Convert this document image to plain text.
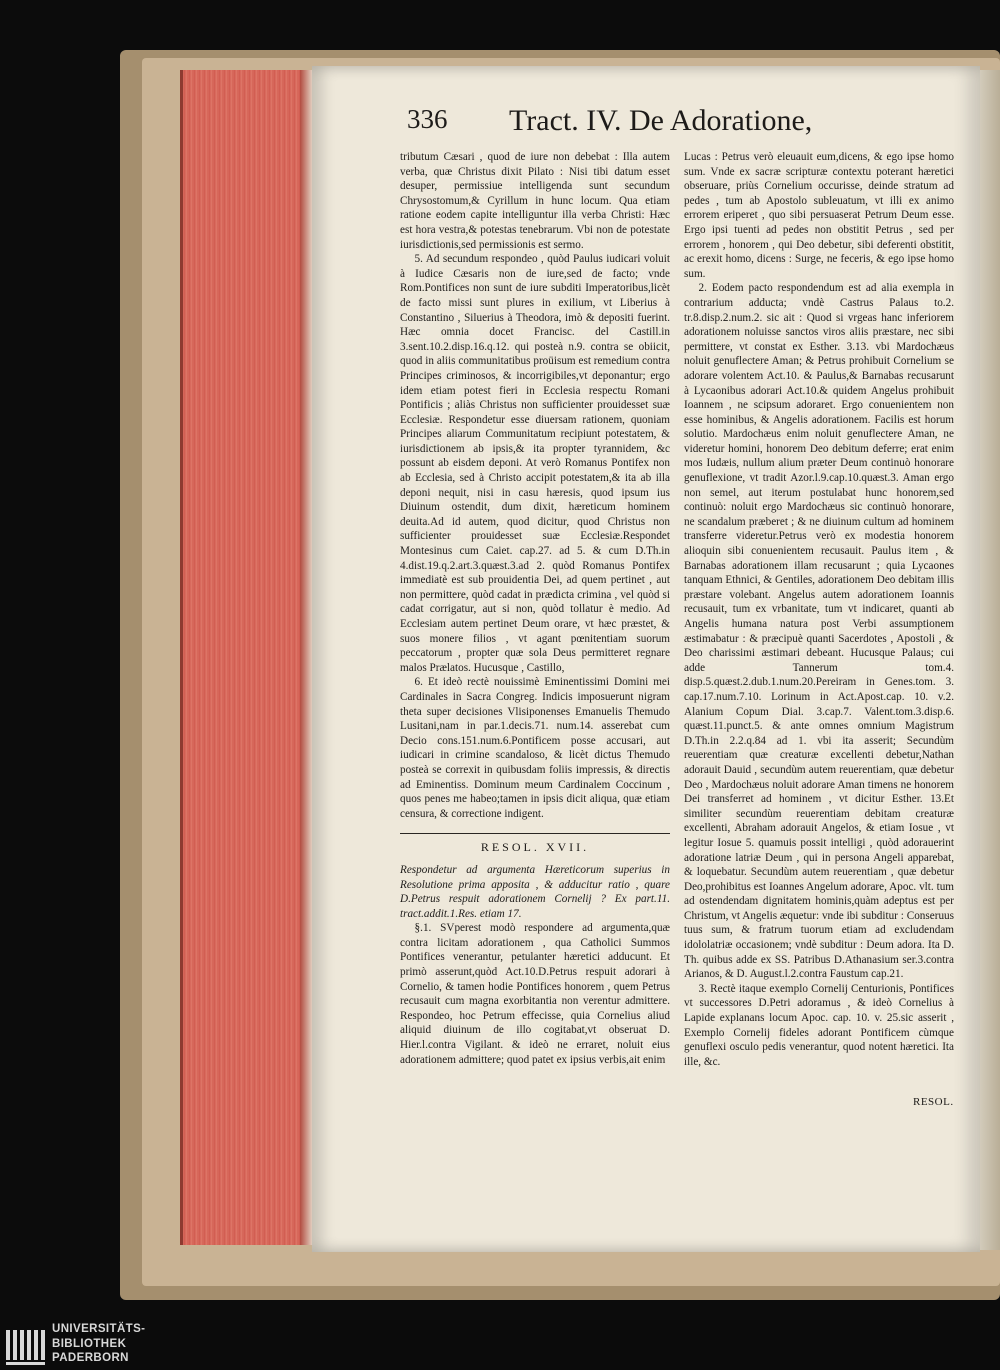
336 Tract. IV. De Adoratione,

tributum Cæsari , quod de iure non debebat : Illa autem verba, quæ Christus dixit Pilato : Nisi tibi datum esset desuper, permissiue intelligenda sunt secundum Chrysostomum,& Cyrillum in hunc locum. Qua etiam ratione eodem capite intelliguntur illa verba Christi: Hæc est hora vestra,& potestas tenebrarum. Vbi non de potestate iurisdictionis,sed permissionis est sermo.

5. Ad secundum respondeo , quòd Paulus iudicari voluit à Iudice Cæsaris non de iure,sed de facto; vnde Rom.Pontifices non sunt de iure subditi Imperatoribus,licèt de facto missi sunt plures in exilium, vt Liberius à Constantino , Siluerius à Theodora, imò & depositi fuerint. Hæc omnia docet Francisc. del Castill.in 3.sent.10.2.disp.16.q.12. qui posteà n.9. contra se obiicit, quod in aliis communitatibus proüisum est remedium contra Principes criminosos, & incorrigibiles,vt deponantur; ergo idem etiam potest fieri in Ecclesia respectu Romani Pontificis ; aliàs Christus non sufficienter prouidesset suæ Ecclesiæ. Respondetur esse diuersam rationem, quoniam Principes aliarum Communitatum recipiunt potestatem, & iurisdictionem ab ipsis,& ita propter tyrannidem, &c possunt ab eisdem deponi. At verò Romanus Pontifex non ab Ecclesia, sed à Christo accipit potestatem,& ita ab illa deponi nequit, nisi in casu hæresis, quod ipsum ius Diuinum ostendit, dum dixit, hæreticum hominem deuita.Ad id autem, quod dicitur, quod Christus non sufficienter prouidesset suæ Ecclesiæ.Respondet Montesinus cum Caiet. cap.27. ad 5. & cum D.Th.in 4.dist.19.q.2.art.3.quæst.3.ad 2. quòd Romanus Pontifex immediatè est sub prouidentia Dei, ad quem pertinet , aut non permittere, quòd cadat in prædicta crimina , vel quòd si cadat corrigatur, aut si non, quòd tollatur è medio. Ad Ecclesiam autem pertinet Deum orare, vt hæc præstet, & suos monere filios , vt agant pœnitentiam suorum peccatorum , propter quæ sola Deus permitteret regnare malos Prælatos. Hucusque , Castillo,

6. Et ideò rectè nouissimè Eminentissimi Domini mei Cardinales in Sacra Congreg. Indicis imposuerunt nigram theta super decisiones Vlisiponenses Emanuelis Themudo Lusitani,nam in par.1.decis.71. num.14. asserebat cum Decio cons.151.num.6.Pontificem posse accusari, aut iudicari in crimine scandaloso, & licèt dictus Themudo posteà se correxit in quibusdam foliis impressis, & directis ad Eminentiss. Dominum meum Cardinalem Coccinum , quos penes me habeo;tamen in ipsis dicit aliqua, quæ etiam censura, & correctione indigent.

RESOL. XVII.

Respondetur ad argumenta Hæreticorum superius in Resolutione prima apposita , & adducitur ratio , quare D.Petrus respuit adorationem Cornelij ? Ex part.11. tract.addit.1.Res. etiam 17.

§.1. SVperest modò respondere ad argumenta,quæ contra licitam adorationem , qua Catholici Summos Pontifices venerantur, petulanter hæretici adducunt. Et primò asserunt,quòd Act.10.D.Petrus respuit adorari à Cornelio, & tamen hodie Pontifices honorem , quem Petrus recusauit cum magna exorbitantia non verentur admittere. Respondeo, hoc Petrum effecisse, quia Cornelius aliud aliquid diuinum de illo cogitabat,vt obseruat D. Hier.l.contra Vigilant. & ideò ne erraret, noluit eius adorationem admittere; quod patet ex ipsius verbis,ait enim

Lucas : Petrus verò eleuauit eum,dicens, & ego ipse homo sum. Vnde ex sacræ scripturæ contextu poterant hæretici obseruare, priùs Cornelium occurisse, deinde stratum ad pedes , tum ab Apostolo subleuatum, vt illi ex animo errorem eriperet , quo sibi persuaserat Petrum Deum esse. Ergo ipsi tuenti ad pedes non obstitit Petrus , sed per errorem , honorem , qui Deo debetur, sibi deferenti obstitit, ac erexit homo, dicens : Surge, ne feceris, & ego ipse homo sum.

2. Eodem pacto respondendum est ad alia exempla in contrarium adducta; vndè Castrus Palaus to.2. tr.8.disp.2.num.2. sic ait : Quod si vrgeas hanc inferiorem adorationem noluisse sanctos viros aliis præstare, nec sibi permittere, vt constat ex Esther. 3.13. vbi Mardochæus noluit genuflectere Aman; & Petrus prohibuit Cornelium se adorare volentem Act.10. & Paulus,& Barnabas recusarunt à Lycaonibus adorari Act.10.& quidem Angelus prohibuit Ioannem , ne scipsum adoraret. Ergo conuenientem non esse hominibus, & Angelis adorationem. Facilis est horum solutio. Mardochæus enim noluit genuflectere Aman, ne videretur homini, honorem Deo debitum deferre; erat enim mos Iudæis, nullum alium præter Deum continuò honorare genuflexione, vt tradit Azor.l.9.cap.10.quæst.3. Aman ergo non semel, aut iterum postulabat hunc honorem,sed continuò: noluit ergo Mardochæus sic continuò honorare, ne scandalum præberet ; & ne diuinum cultum ad hominem transferre videretur.Petrus verò ex modestia honorem alioquin sibi conuenientem recusauit. Paulus item , & Barnabas adorationem illam recusarunt ; quia Lycaones tanquam Ethnici, & Gentiles, adorationem Deo debitam illis præstare volebant. Angelus autem adorationem Ioannis recusauit, tum ex vrbanitate, tum vt indicaret, quanti ab Angelis humana natura post Verbi assumptionem æstimabatur : & præcipuè quanti Sacerdotes , Apostoli , & Deo charissimi æstimari debeant. Hucusque Palaus; cui adde Tannerum tom.4. disp.5.quæst.2.dub.1.num.20.Pereiram in Genes.tom. 3. cap.17.num.7.10. Lorinum in Act.Apost.cap. 10. v.2. Alanium Copum Dial. 3.cap.7. Valent.tom.3.disp.6. quæst.11.punct.5. & ante omnes omnium Magistrum D.Th.in 2.2.q.84 ad 1. vbi ita asserit; Secundùm reuerentiam quæ creaturæ excellenti debetur,Nathan adorauit Dauid , secundùm autem reuerentiam, quæ debetur Deo , Mardochæus noluit adorare Aman timens ne honorem Dei transferret ad hominem , vt dicitur Esther. 13.Et similiter secundùm reuerentiam debitam creaturæ excellenti, Abraham adorauit Angelos, & etiam Iosue , vt legitur Iosue 5. quamuis possit intelligi , quòd adorauerint adoratione latriæ Deum , qui in persona Angeli apparebat, & loquebatur. Secundùm autem reuerentiam , quæ debetur Deo,prohibitus est Ioannes Angelum adorare, Apoc. vlt. tum ad ostendendam dignitatem hominis,quàm adeptus est per Christum, vt Angelis æquetur: vnde ibi subditur : Conseruus tuus sum, & fratrum tuorum etiam ad excludendam idololatriæ occasionem; vndè subditur : Deum adora. Ita D. Th. quibus adde ex SS. Patribus D.Athanasium ser.3.contra Arianos, & D. August.l.2.contra Faustum cap.21.

3. Rectè itaque exemplo Cornelij Centurionis, Pontifices vt successores D.Petri adoramus , & ideò Cornelius à Lapide explanans locum Apoc. cap. 10. v. 25.sic asserit , Exemplo Cornelij fideles adorant Pontificem cùmque genuflexi osculo pedis venerantur, quod notent hæretici. Ita ille, &c.

RESOL.
UNIVERSITÄTS-
BIBLIOTHEK
PADERBORN
